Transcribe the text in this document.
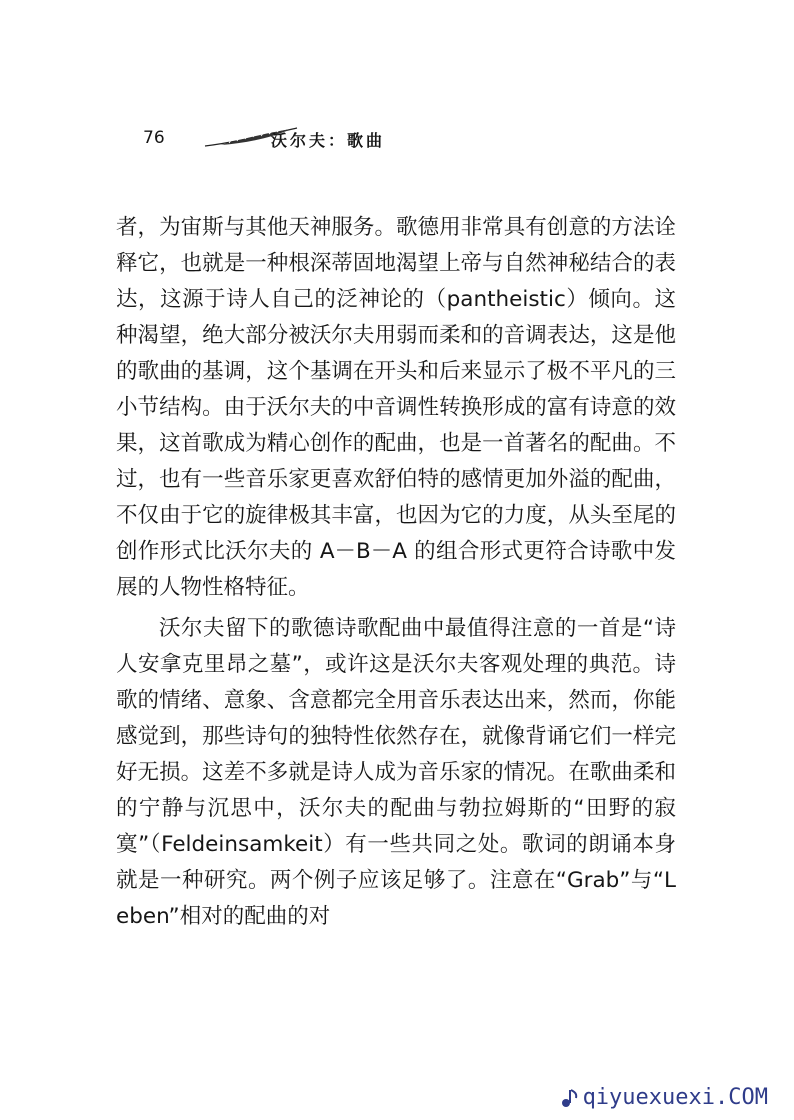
76	沃尔夫：歌曲

者，为宙斯与其他天神服务。歌德用非常具有创意的方法诠释它，也就是一种根深蒂固地渴望上帝与自然神秘结合的表达，这源于诗人自己的泛神论的（pantheistic）倾向。这种渴望，绝大部分被沃尔夫用弱而柔和的音调表达，这是他的歌曲的基调，这个基调在开头和后来显示了极不平凡的三小节结构。由于沃尔夫的中音调性转换形成的富有诗意的效果，这首歌成为精心创作的配曲，也是一首著名的配曲。不过，也有一些音乐家更喜欢舒伯特的感情更加外溢的配曲，不仅由于它的旋律极其丰富，也因为它的力度，从头至尾的创作形式比沃尔夫的 A－B－A 的组合形式更符合诗歌中发展的人物性格特征。

沃尔夫留下的歌德诗歌配曲中最值得注意的一首是“诗人安拿克里昂之墓”，或许这是沃尔夫客观处理的典范。诗歌的情绪、意象、含意都完全用音乐表达出来，然而，你能感觉到，那些诗句的独特性依然存在，就像背诵它们一样完好无损。这差不多就是诗人成为音乐家的情况。在歌曲柔和的宁静与沉思中，沃尔夫的配曲与勃拉姆斯的“田野的寂寞”（Feldeinsamkeit）有一些共同之处。歌词的朗诵本身就是一种研究。两个例子应该足够了。注意在“Grab”与“Leben”相对的配曲的对

qiyuexuexi.COM
